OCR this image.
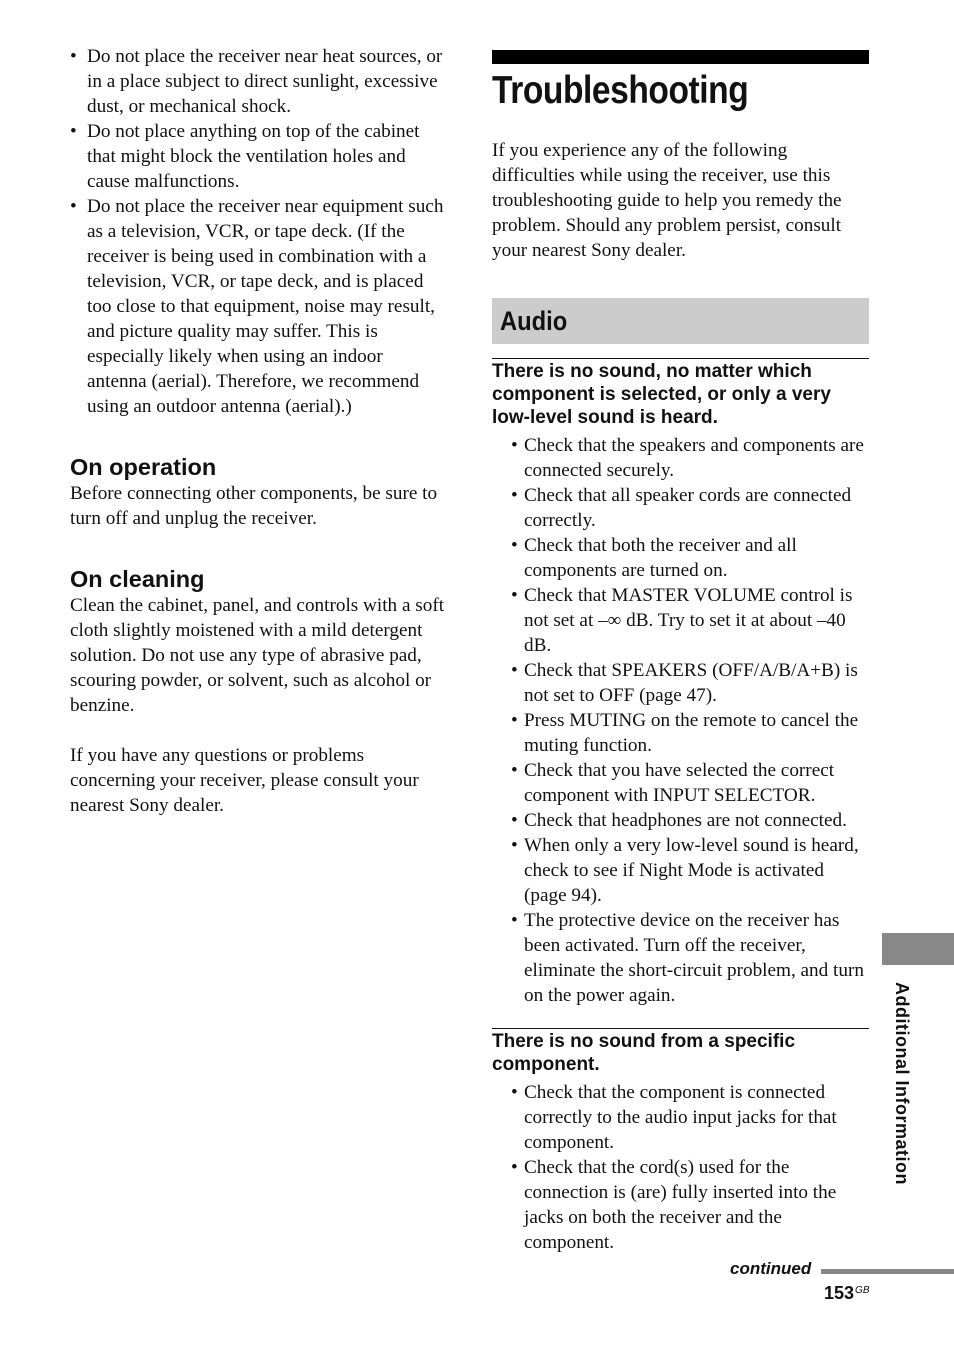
• Do not place the receiver near heat sources, or in a place subject to direct sunlight, excessive dust, or mechanical shock.
• Do not place anything on top of the cabinet that might block the ventilation holes and cause malfunctions.
• Do not place the receiver near equipment such as a television, VCR, or tape deck. (If the receiver is being used in combination with a television, VCR, or tape deck, and is placed too close to that equipment, noise may result, and picture quality may suffer. This is especially likely when using an indoor antenna (aerial). Therefore, we recommend using an outdoor antenna (aerial).)
On operation

Before connecting other components, be sure to turn off and unplug the receiver.

On cleaning

Clean the cabinet, panel, and controls with a soft cloth slightly moistened with a mild detergent solution. Do not use any type of abrasive pad, scouring powder, or solvent, such as alcohol or benzine.

If you have any questions or problems concerning your receiver, please consult your nearest Sony dealer.

Troubleshooting

If you experience any of the following difficulties while using the receiver, use this troubleshooting guide to help you remedy the problem. Should any problem persist, consult your nearest Sony dealer.

Audio
There is no sound, no matter which component is selected, or only a very low-level sound is heard.
• Check that the speakers and components are connected securely.
• Check that all speaker cords are connected correctly.
• Check that both the receiver and all components are turned on.
• Check that MASTER VOLUME control is not set at –∞ dB. Try to set it at about –40 dB.
• Check that SPEAKERS (OFF/A/B/A+B) is not set to OFF (page 47).
• Press MUTING on the remote to cancel the muting function.
• Check that you have selected the correct component with INPUT SELECTOR.
• Check that headphones are not connected.
• When only a very low-level sound is heard, check to see if Night Mode is activated (page 94).
• The protective device on the receiver has been activated. Turn off the receiver, eliminate the short-circuit problem, and turn on the power again.
There is no sound from a specific component.
• Check that the component is connected correctly to the audio input jacks for that component.
• Check that the cord(s) used for the connection is (are) fully inserted into the jacks on both the receiver and the component.
Additional Information
continued
$153^{GB}$
